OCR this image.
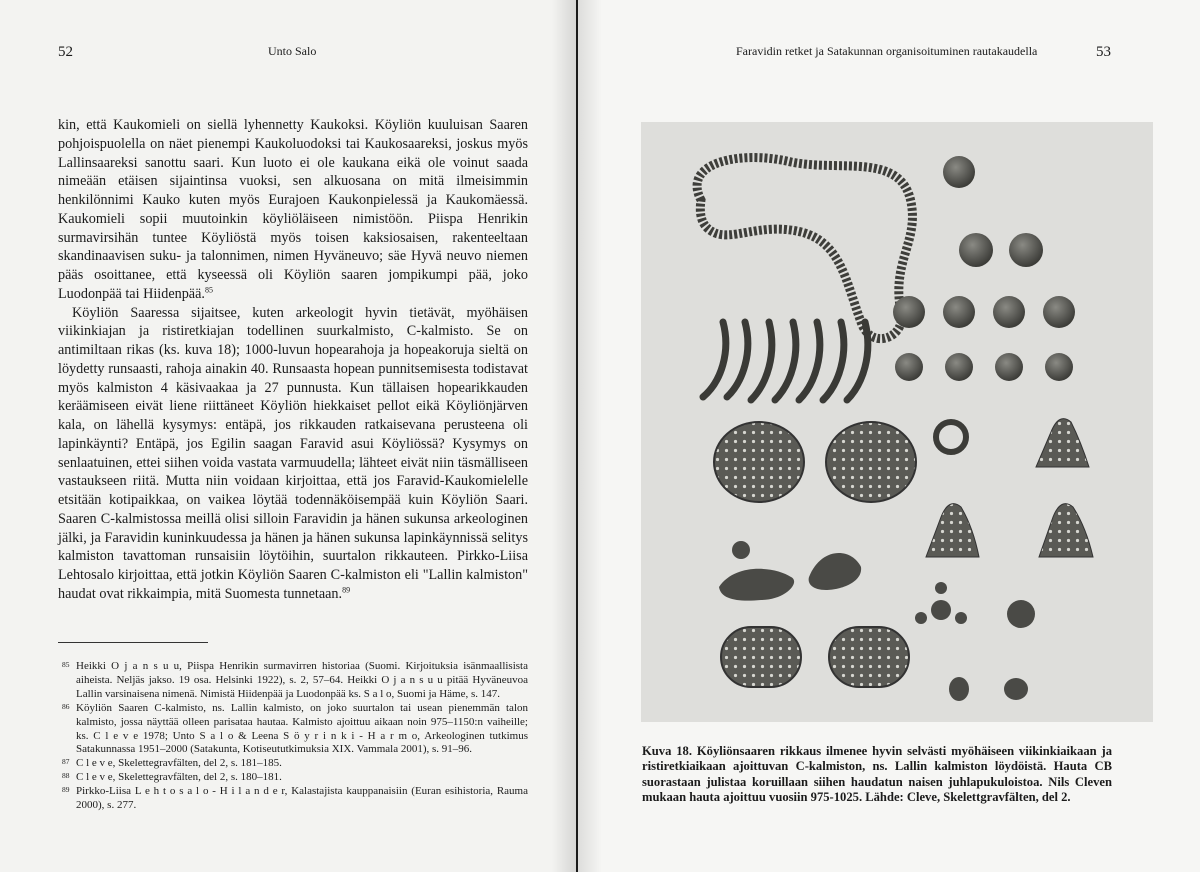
52	Unto Salo

kin, että Kaukomieli on siellä lyhennetty Kaukoksi. Köyliön kuuluisan Saaren pohjoispuolella on näet pienempi Kaukoluodoksi tai Kaukosaareksi, joskus myös Lallinsaareksi sanottu saari. Kun luoto ei ole kaukana eikä ole voinut saada nimeään etäisen sijaintinsa vuoksi, sen alkuosana on mitä ilmeisimmin henkilönnimi Kauko kuten myös Eurajoen Kaukonpielessä ja Kaukomäessä. Kaukomieli sopii muutoinkin köyliöläiseen nimistöön. Piispa Henrikin surmavirsihän tuntee Köyliöstä myös toisen kaksiosaisen, rakenteeltaan skandinaavisen suku- ja talonnimen, nimen Hyväneuvo; säe Hyvä neuvo niemen pääs osoittanee, että kyseessä oli Köyliön saaren jompikumpi pää, joko Luodonpää tai Hiidenpää.$^{85}$

Köyliön Saaressa sijaitsee, kuten arkeologit hyvin tietävät, myöhäisen viikinkiajan ja ristiretkiajan todellinen suurkalmisto, C-kalmisto. Se on antimiltaan rikas (ks. kuva 18); 1000-luvun hopearahoja ja hopeakoruja sieltä on löydetty runsaasti, rahoja ainakin 40. Runsaasta hopean punnitsemisesta todistavat myös kalmiston 4 käsivaakaa ja 27 punnusta. Kun tällaisen hopearikkauden keräämiseen eivät liene riittäneet Köyliön hiekkaiset pellot eikä Köyliönjärven kala, on lähellä kysymys: entäpä, jos rikkauden ratkaisevana perusteena oli lapinkäynti? Entäpä, jos Egilin saagan Faravid asui Köyliössä? Kysymys on senlaatuinen, ettei siihen voida vastata varmuudella; lähteet eivät niin täsmälliseen vastaukseen riitä. Mutta niin voidaan kirjoittaa, että jos Faravid-Kaukomielelle etsitään kotipaikkaa, on vaikea löytää todennäköisempää kuin Köyliön Saari. Saaren C-kalmistossa meillä olisi silloin Faravidin ja hänen sukunsa arkeologinen jälki, ja Faravidin kuninkuudessa ja hänen ja hänen sukunsa lapinkäynnissä selitys kalmiston tavattoman runsaisiin löytöihin, suurtalon rikkauteen. Pirkko-Liisa Lehtosalo kirjoittaa, että jotkin Köyliön Saaren C-kalmiston eli "Lallin kalmiston" haudat ovat rikkaimpia, mitä Suomesta tunnetaan.$^{89}$

85 Heikki O j a n s u u, Piispa Henrikin surmavirren historiaa (Suomi. Kirjoituksia isänmaallisista aiheista. Neljäs jakso. 19 osa. Helsinki 1922), s. 2, 57–64. Heikki O j a n s u u pitää Hyväneuvoa Lallin varsinaisena nimenä. Nimistä Hiidenpää ja Luodonpää ks. S a l o, Suomi ja Häme, s. 147.
86 Köyliön Saaren C-kalmisto, ns. Lallin kalmisto, on joko suurtalon tai usean pienemmän talon kalmisto, jossa näyttää olleen parisataa hautaa. Kalmisto ajoittuu aikaan noin 975–1150:n vaiheille; ks. C l e v e 1978; Unto S a l o & Leena S ö y r i n k i - H a r m o, Arkeologinen tutkimus Satakunnassa 1951–2000 (Satakunta, Kotiseututkimuksia XIX. Vammala 2001), s. 91–96.
87 C l e v e, Skelettegravfälten, del 2, s. 181–185.
88 C l e v e, Skelettegravfälten, del 2, s. 180–181.
89 Pirkko-Liisa L e h t o s a l o - H i l a n d e r, Kalastajista kauppanaisiin (Euran esihistoria, Rauma 2000), s. 277.
Faravidin retket ja Satakunnan organisoituminen rautakaudella	53

Kuva 18. Köyliönsaaren rikkaus ilmenee hyvin selvästi myöhäiseen viikinkiaikaan ja ristiretkiaikaan ajoittuvan C-kalmiston, ns. Lallin kalmiston löydöistä. Hauta CB suorastaan julistaa koruillaan siihen haudatun naisen juhlapukuloistoa. Nils Cleven mukaan hauta ajoittuu vuosiin 975-1025. Lähde: Cleve, Skelettgravfälten, del 2.
